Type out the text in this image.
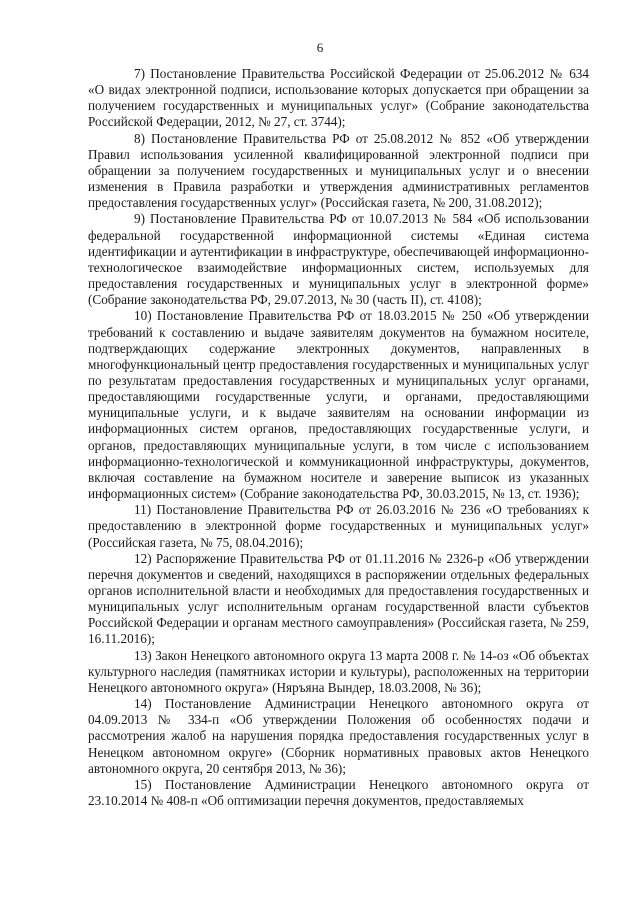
6

7) Постановление Правительства Российской Федерации от 25.06.2012 № 634 «О видах электронной подписи, использование которых допускается при обращении за получением государственных и муниципальных услуг» (Собрание законодательства Российской Федерации, 2012, № 27, ст. 3744);

8) Постановление Правительства РФ от 25.08.2012 № 852 «Об утверждении Правил использования усиленной квалифицированной электронной подписи при обращении за получением государственных и муниципальных услуг и о внесении изменения в Правила разработки и утверждения административных регламентов предоставления государственных услуг» (Российская газета, № 200, 31.08.2012);

9) Постановление Правительства РФ от 10.07.2013 № 584 «Об использовании федеральной государственной информационной системы «Единая система идентификации и аутентификации в инфраструктуре, обеспечивающей информационно-технологическое взаимодействие информационных систем, используемых для предоставления государственных и муниципальных услуг в электронной форме» (Собрание законодательства РФ, 29.07.2013, № 30 (часть II), ст. 4108);

10) Постановление Правительства РФ от 18.03.2015 № 250 «Об утверждении требований к составлению и выдаче заявителям документов на бумажном носителе, подтверждающих содержание электронных документов, направленных в многофункциональный центр предоставления государственных и муниципальных услуг по результатам предоставления государственных и муниципальных услуг органами, предоставляющими государственные услуги, и органами, предоставляющими муниципальные услуги, и к выдаче заявителям на основании информации из информационных систем органов, предоставляющих государственные услуги, и органов, предоставляющих муниципальные услуги, в том числе с использованием информационно-технологической и коммуникационной инфраструктуры, документов, включая составление на бумажном носителе и заверение выписок из указанных информационных систем» (Собрание законодательства РФ, 30.03.2015, № 13, ст. 1936);

11) Постановление Правительства РФ от 26.03.2016 № 236 «О требованиях к предоставлению в электронной форме государственных и муниципальных услуг» (Российская газета, № 75, 08.04.2016);

12) Распоряжение Правительства РФ от 01.11.2016 № 2326-р «Об утверждении перечня документов и сведений, находящихся в распоряжении отдельных федеральных органов исполнительной власти и необходимых для предоставления государственных и муниципальных услуг исполнительным органам государственной власти субъектов Российской Федерации и органам местного самоуправления» (Российская газета, № 259, 16.11.2016);

13) Закон Ненецкого автономного округа 13 марта 2008 г. № 14-оз «Об объектах культурного наследия (памятниках истории и культуры), расположенных на территории Ненецкого автономного округа» (Няръяна Вындер, 18.03.2008, № 36);

14) Постановление Администрации Ненецкого автономного округа от 04.09.2013 № 334-п «Об утверждении Положения об особенностях подачи и рассмотрения жалоб на нарушения порядка предоставления государственных услуг в Ненецком автономном округе» (Сборник нормативных правовых актов Ненецкого автономного округа, 20 сентября 2013, № 36);

15) Постановление Администрации Ненецкого автономного округа от 23.10.2014 № 408-п «Об оптимизации перечня документов, предоставляемых
